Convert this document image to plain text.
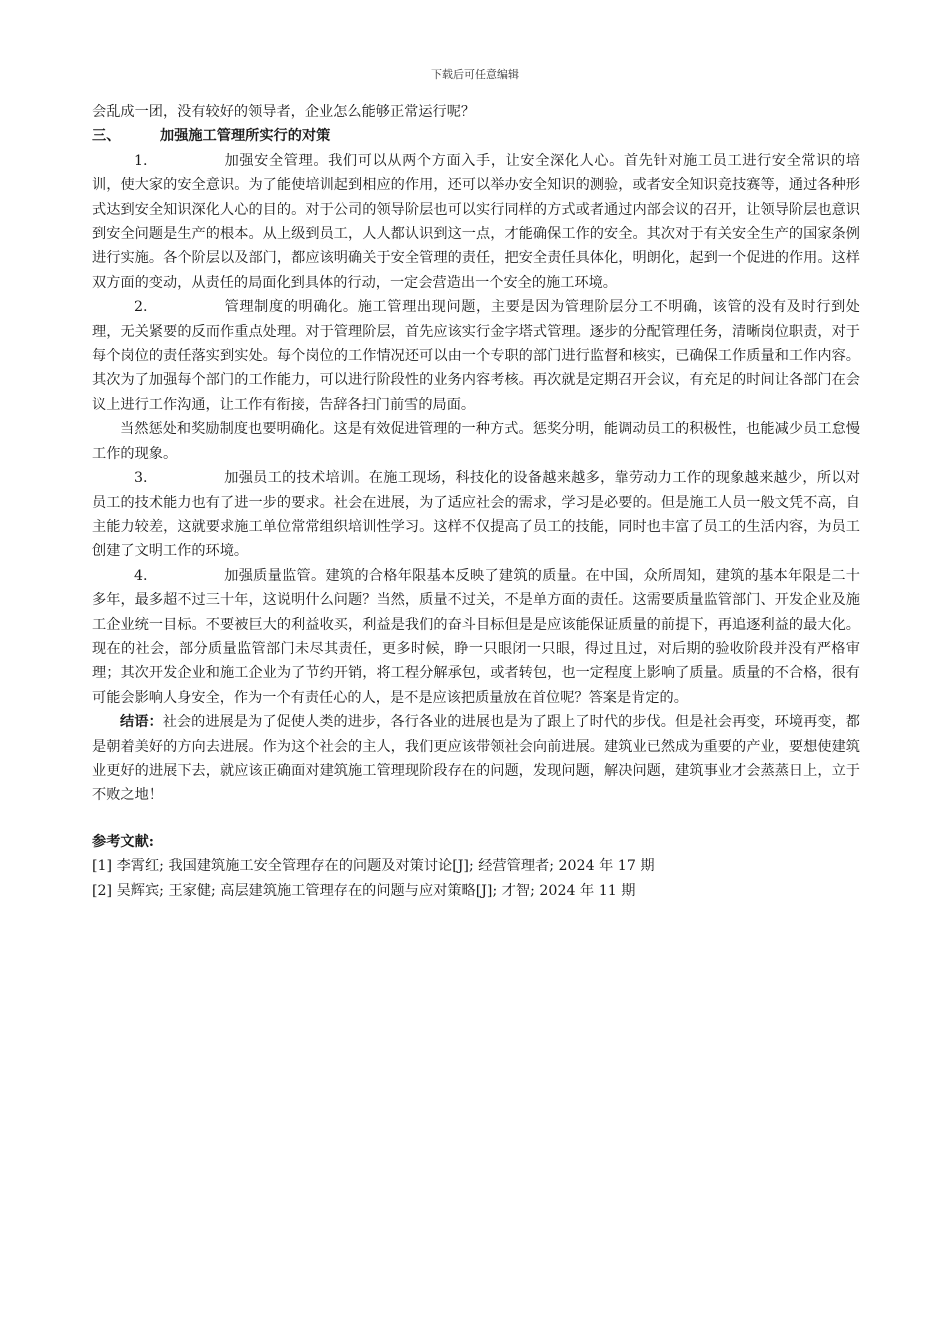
下载后可任意编辑

会乱成一团，没有较好的领导者，企业怎么能够正常运行呢？

三、	加强施工管理所实行的对策

1.	加强安全管理。我们可以从两个方面入手，让安全深化人心。首先针对施工员工进行安全常识的培训，使大家的安全意识。为了能使培训起到相应的作用，还可以举办安全知识的测验，或者安全知识竞技赛等，通过各种形式达到安全知识深化人心的目的。对于公司的领导阶层也可以实行同样的方式或者通过内部会议的召开，让领导阶层也意识到安全问题是生产的根本。从上级到员工，人人都认识到这一点，才能确保工作的安全。其次对于有关安全生产的国家条例进行实施。各个阶层以及部门，都应该明确关于安全管理的责任，把安全责任具体化，明朗化，起到一个促进的作用。这样双方面的变动，从责任的局面化到具体的行动，一定会营造出一个安全的施工环境。

2.	管理制度的明确化。施工管理出现问题，主要是因为管理阶层分工不明确，该管的没有及时行到处理，无关紧要的反而作重点处理。对于管理阶层，首先应该实行金字塔式管理。逐步的分配管理任务，清晰岗位职责，对于每个岗位的责任落实到实处。每个岗位的工作情况还可以由一个专职的部门进行监督和核实，已确保工作质量和工作内容。其次为了加强每个部门的工作能力，可以进行阶段性的业务内容考核。再次就是定期召开会议，有充足的时间让各部门在会议上进行工作沟通，让工作有衔接，告辞各扫门前雪的局面。

当然惩处和奖励制度也要明确化。这是有效促进管理的一种方式。惩奖分明，能调动员工的积极性，也能减少员工怠慢工作的现象。

3.	加强员工的技术培训。在施工现场，科技化的设备越来越多，靠劳动力工作的现象越来越少，所以对员工的技术能力也有了进一步的要求。社会在进展，为了适应社会的需求，学习是必要的。但是施工人员一般文凭不高，自主能力较差，这就要求施工单位常常组织培训性学习。这样不仅提高了员工的技能，同时也丰富了员工的生活内容，为员工创建了文明工作的环境。

4.	加强质量监管。建筑的合格年限基本反映了建筑的质量。在中国，众所周知，建筑的基本年限是二十多年，最多超不过三十年，这说明什么问题？当然，质量不过关，不是单方面的责任。这需要质量监管部门、开发企业及施工企业统一目标。不要被巨大的利益收买，利益是我们的奋斗目标但是是应该能保证质量的前提下，再追逐利益的最大化。现在的社会，部分质量监管部门未尽其责任，更多时候，睁一只眼闭一只眼，得过且过，对后期的验收阶段并没有严格审理；其次开发企业和施工企业为了节约开销，将工程分解承包，或者转包，也一定程度上影响了质量。质量的不合格，很有可能会影响人身安全，作为一个有责任心的人，是不是应该把质量放在首位呢？答案是肯定的。

结语：社会的进展是为了促使人类的进步，各行各业的进展也是为了跟上了时代的步伐。但是社会再变，环境再变，都是朝着美好的方向去进展。作为这个社会的主人，我们更应该带领社会向前进展。建筑业已然成为重要的产业，要想使建筑业更好的进展下去，就应该正确面对建筑施工管理现阶段存在的问题，发现问题，解决问题，建筑事业才会蒸蒸日上，立于不败之地！

参考文献:

[1] 李霄红; 我国建筑施工安全管理存在的问题及对策讨论[J]; 经营管理者; 2024 年 17 期

[2] 吴辉宾; 王家健; 高层建筑施工管理存在的问题与应对策略[J]; 才智; 2024 年 11 期
